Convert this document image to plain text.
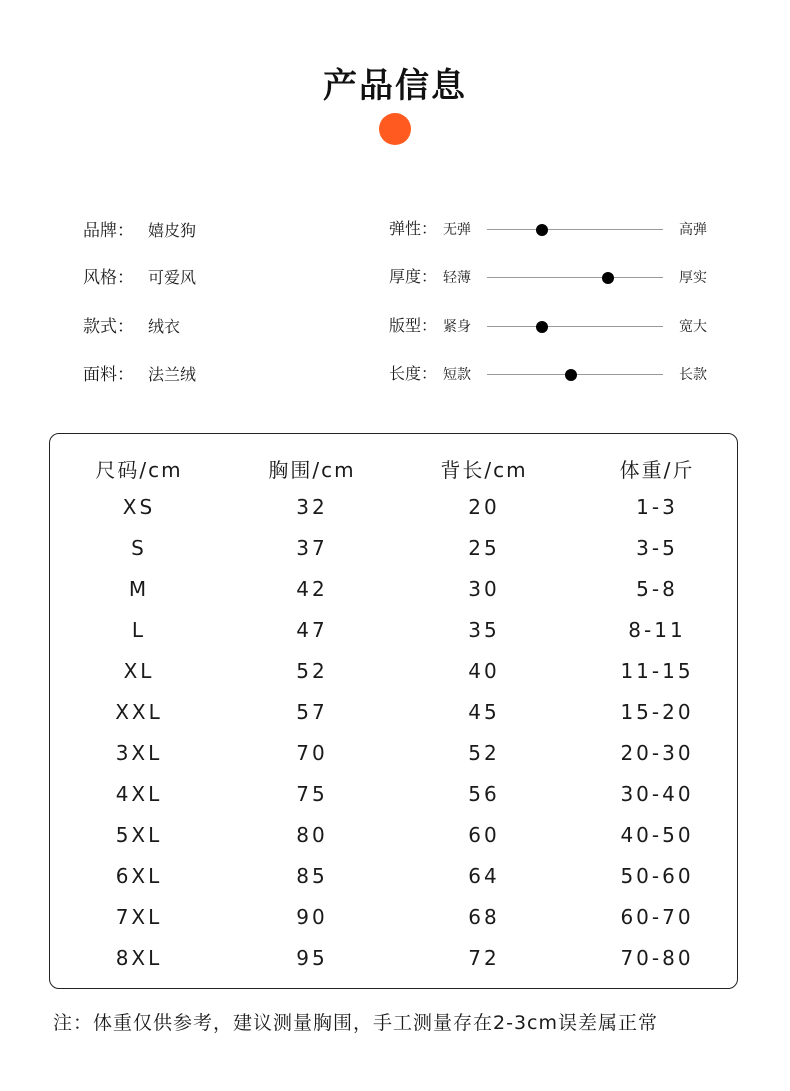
产品信息
品牌： 嬉皮狗
风格： 可爱风
款式： 绒衣
面料： 法兰绒
弹性： 无弹	高弹
厚度： 轻薄	厚实
版型： 紧身	宽大
长度： 短款	长款
尺码/cm	胸围/cm	背长/cm	体重/斤
XS	32	20	1-3
S	37	25	3-5
M	42	30	5-8
L	47	35	8-11
XL	52	40	11-15
XXL	57	45	15-20
3XL	70	52	20-30
4XL	75	56	30-40
5XL	80	60	40-50
6XL	85	64	50-60
7XL	90	68	60-70
8XL	95	72	70-80
注：体重仅供参考，建议测量胸围，手工测量存在2-3cm误差属正常
